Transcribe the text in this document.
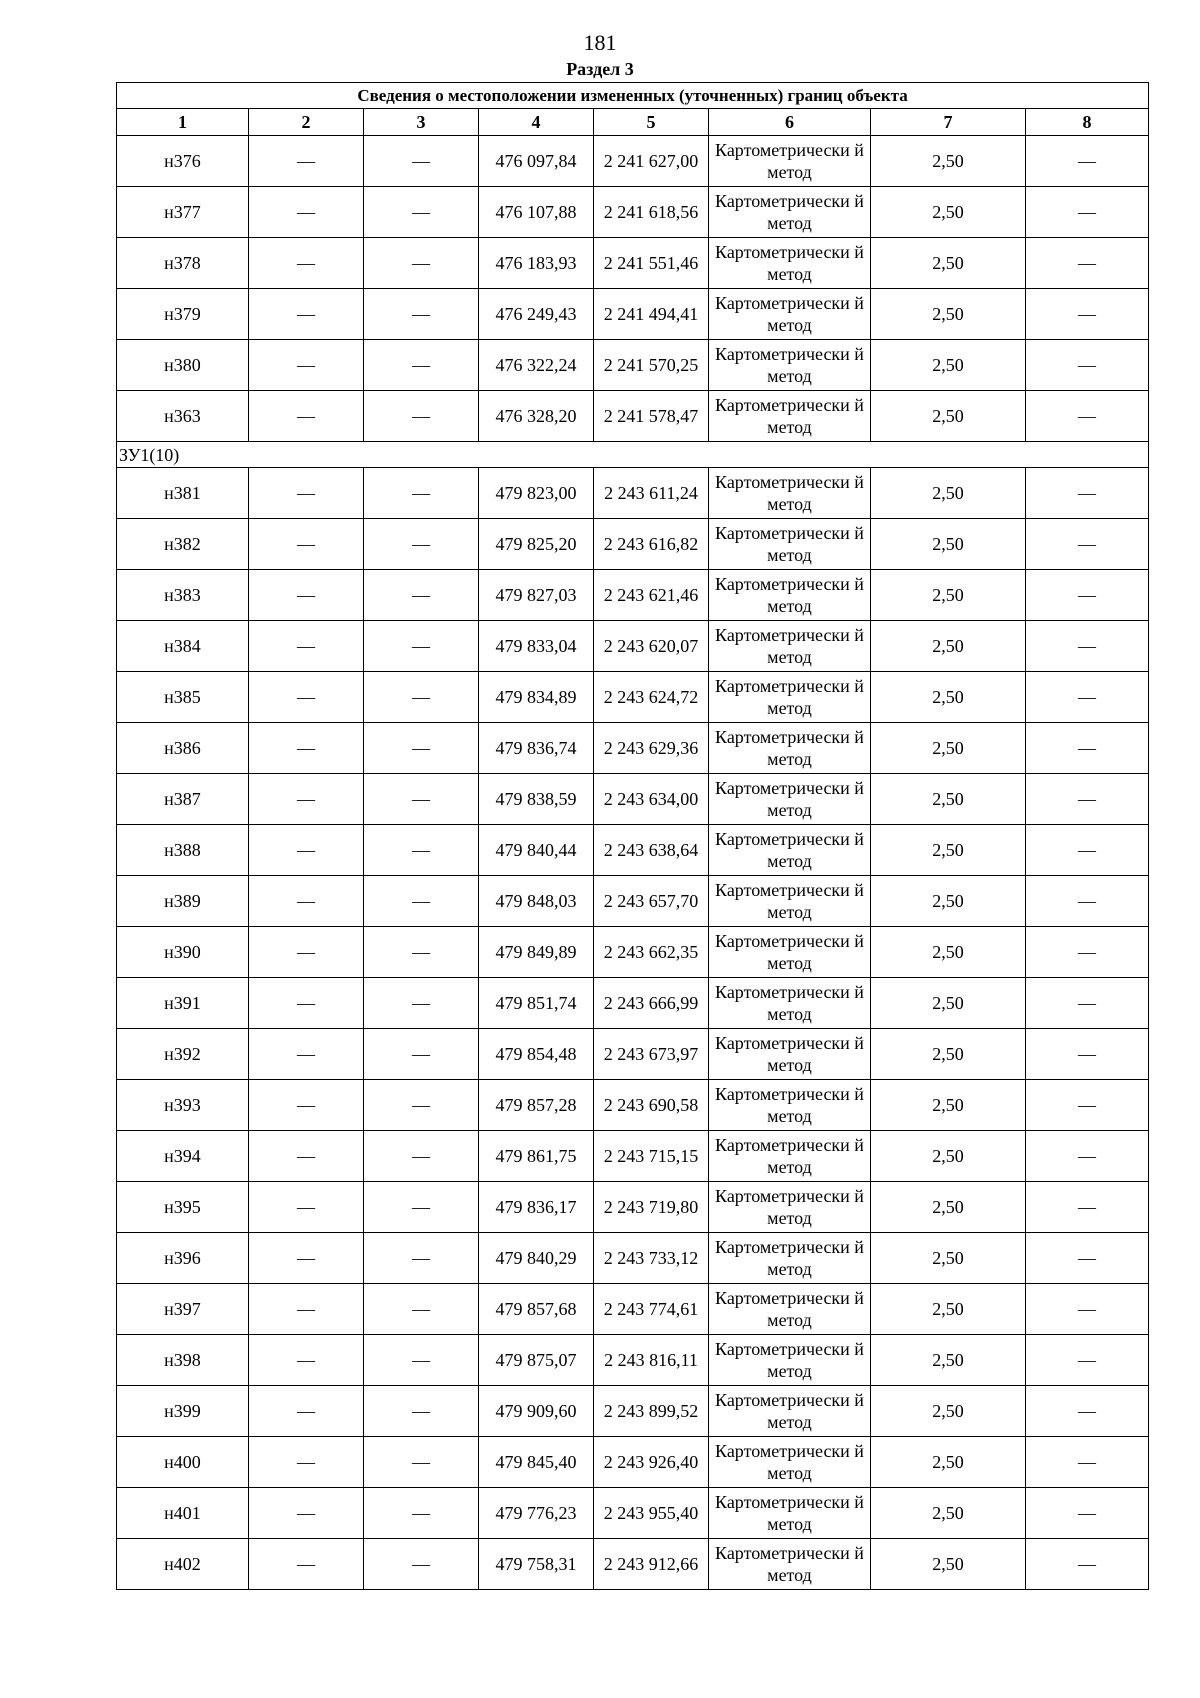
181
Раздел 3
Сведения о местоположении измененных (уточненных) границ объекта							
1	2	3	4	5	6	7	8
н376	—	—	476 097,84	2 241 627,00	Картометрически й метод	2,50	—
н377	—	—	476 107,88	2 241 618,56	Картометрически й метод	2,50	—
н378	—	—	476 183,93	2 241 551,46	Картометрически й метод	2,50	—
н379	—	—	476 249,43	2 241 494,41	Картометрически й метод	2,50	—
н380	—	—	476 322,24	2 241 570,25	Картометрически й метод	2,50	—
н363	—	—	476 328,20	2 241 578,47	Картометрически й метод	2,50	—
ЗУ1(10)							
н381	—	—	479 823,00	2 243 611,24	Картометрически й метод	2,50	—
н382	—	—	479 825,20	2 243 616,82	Картометрически й метод	2,50	—
н383	—	—	479 827,03	2 243 621,46	Картометрически й метод	2,50	—
н384	—	—	479 833,04	2 243 620,07	Картометрически й метод	2,50	—
н385	—	—	479 834,89	2 243 624,72	Картометрически й метод	2,50	—
н386	—	—	479 836,74	2 243 629,36	Картометрически й метод	2,50	—
н387	—	—	479 838,59	2 243 634,00	Картометрически й метод	2,50	—
н388	—	—	479 840,44	2 243 638,64	Картометрически й метод	2,50	—
н389	—	—	479 848,03	2 243 657,70	Картометрически й метод	2,50	—
н390	—	—	479 849,89	2 243 662,35	Картометрически й метод	2,50	—
н391	—	—	479 851,74	2 243 666,99	Картометрически й метод	2,50	—
н392	—	—	479 854,48	2 243 673,97	Картометрически й метод	2,50	—
н393	—	—	479 857,28	2 243 690,58	Картометрически й метод	2,50	—
н394	—	—	479 861,75	2 243 715,15	Картометрически й метод	2,50	—
н395	—	—	479 836,17	2 243 719,80	Картометрически й метод	2,50	—
н396	—	—	479 840,29	2 243 733,12	Картометрически й метод	2,50	—
н397	—	—	479 857,68	2 243 774,61	Картометрически й метод	2,50	—
н398	—	—	479 875,07	2 243 816,11	Картометрически й метод	2,50	—
н399	—	—	479 909,60	2 243 899,52	Картометрически й метод	2,50	—
н400	—	—	479 845,40	2 243 926,40	Картометрически й метод	2,50	—
н401	—	—	479 776,23	2 243 955,40	Картометрически й метод	2,50	—
н402	—	—	479 758,31	2 243 912,66	Картометрически й метод	2,50	—
